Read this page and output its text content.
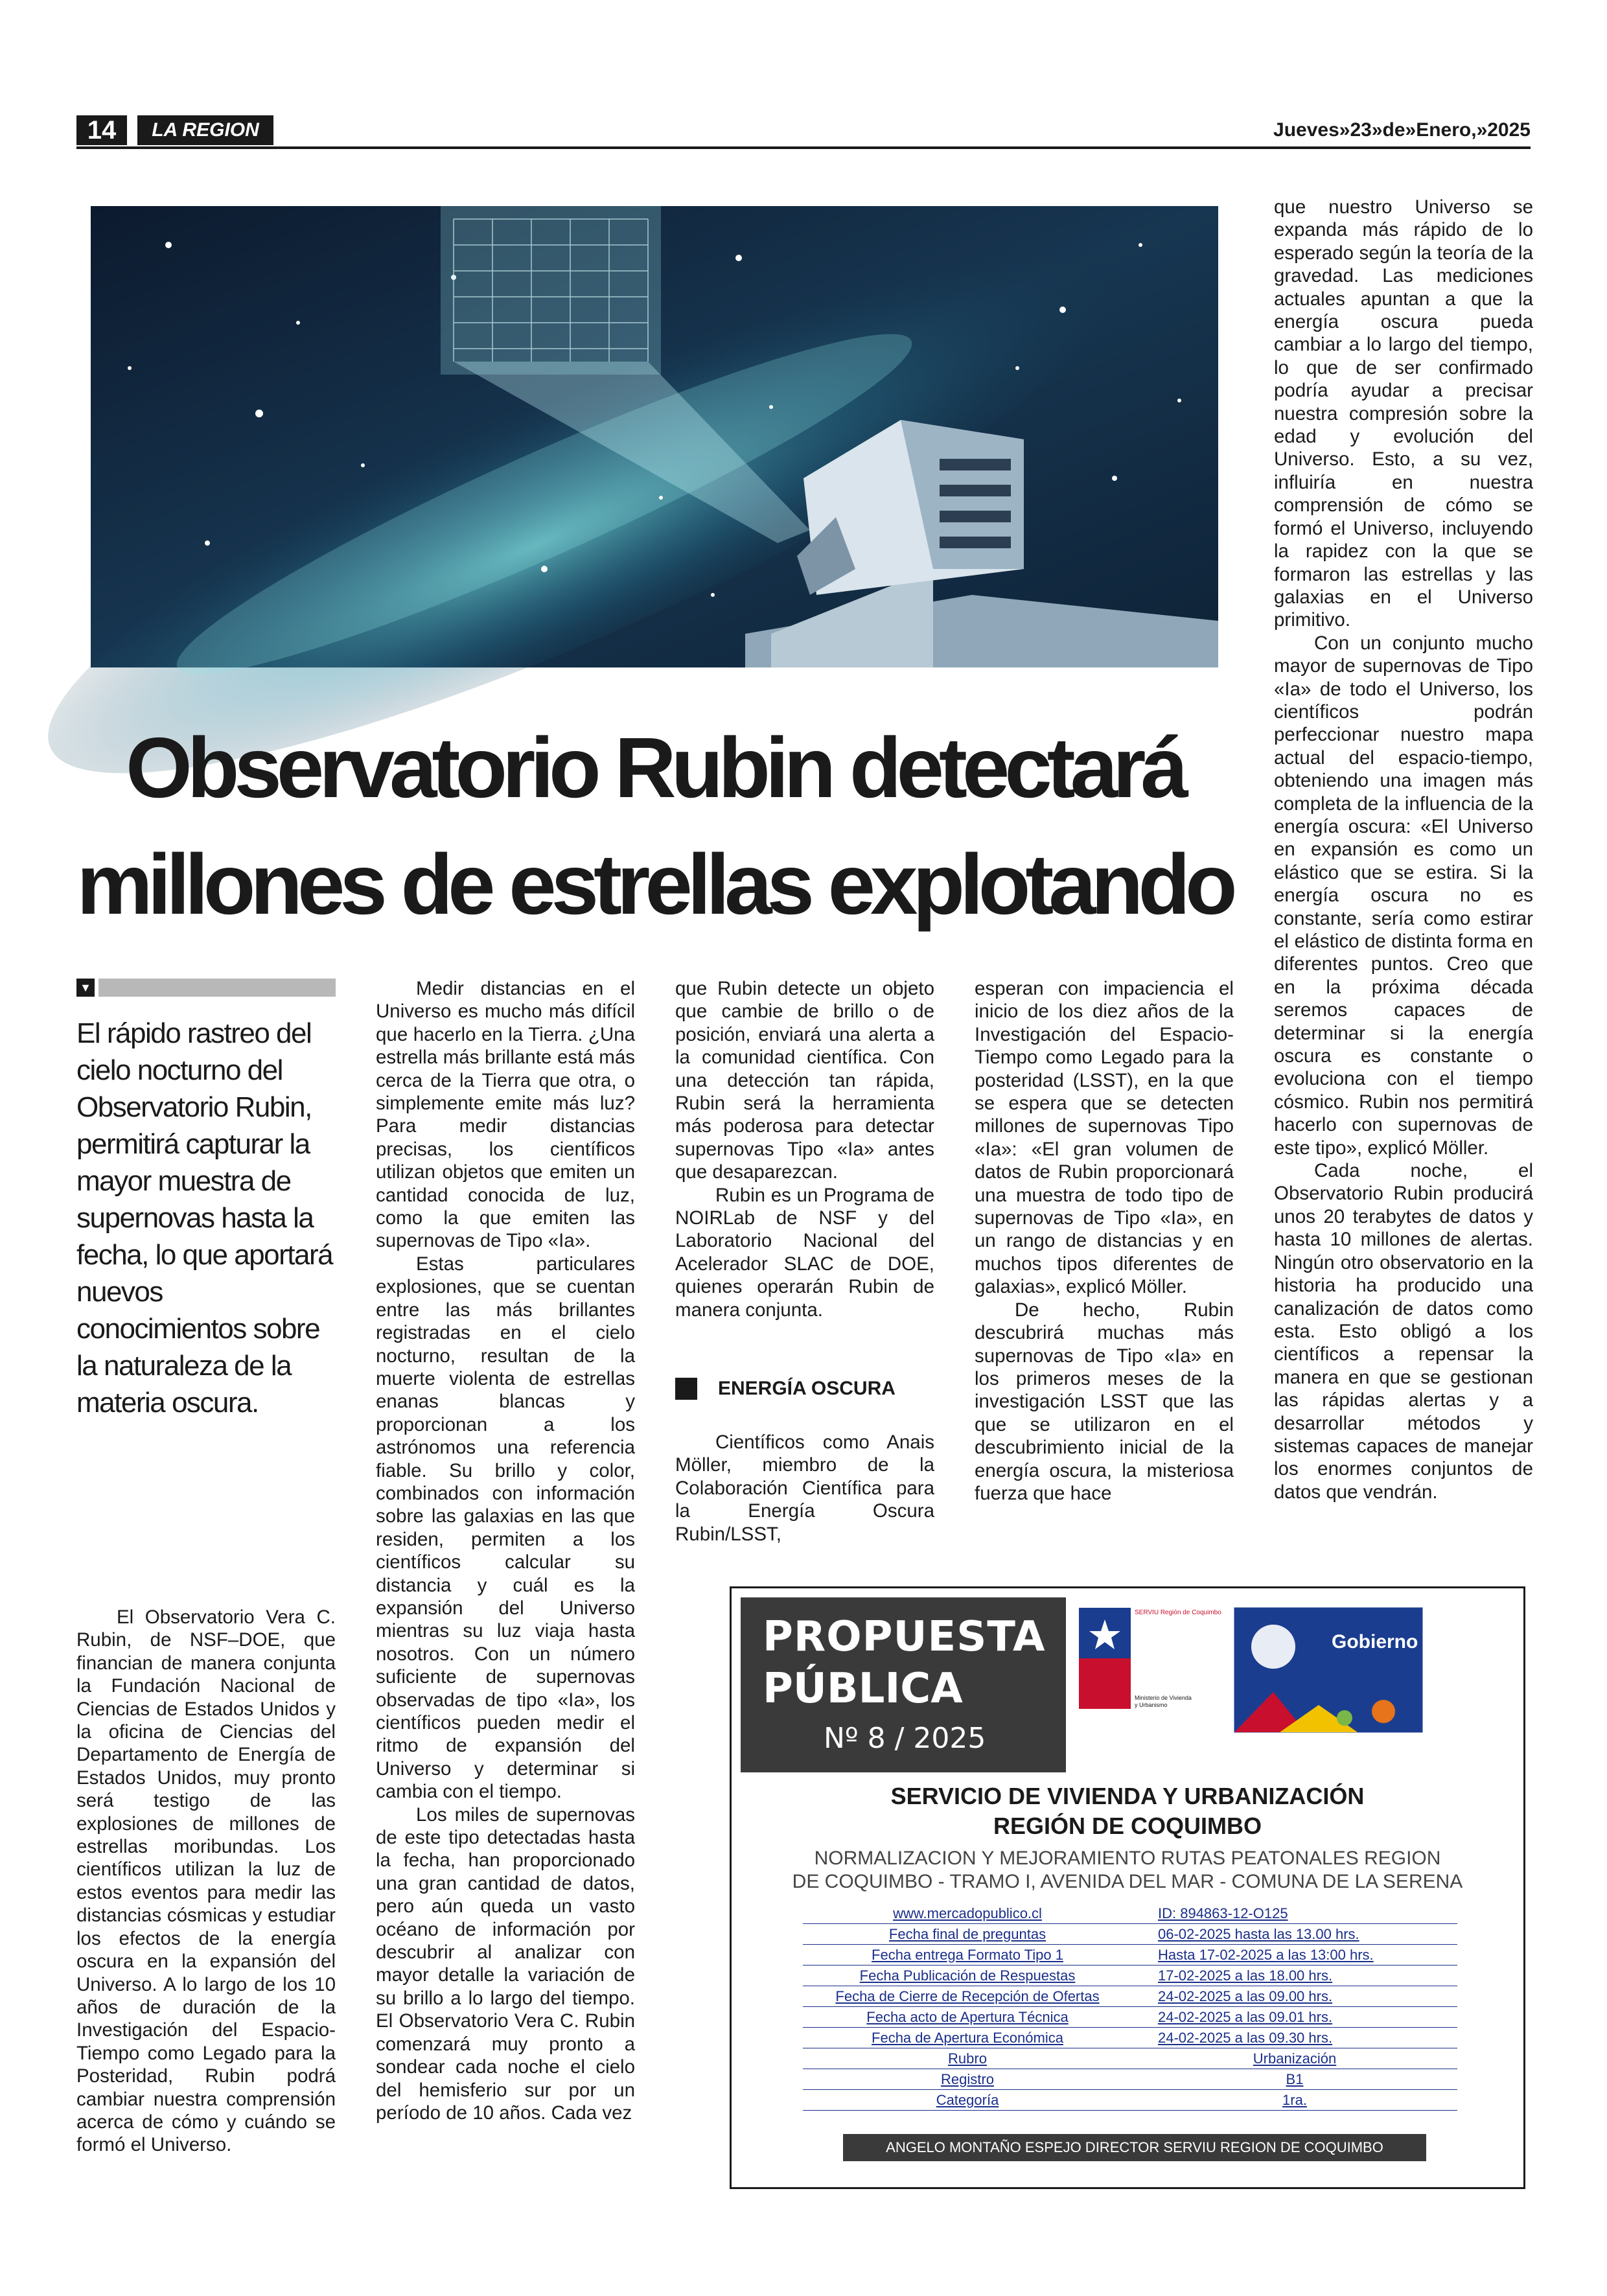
14	LA REGION	Jueves»23»de»Enero,»2025
Observatorio Rubin detectará
millones de estrellas explotando
▼
El rápido rastreo del cielo nocturno del Observatorio Rubin, permitirá capturar la mayor muestra de supernovas hasta la fecha, lo que aportará nuevos conocimientos sobre la naturaleza de la materia oscura.

El Observatorio Vera C. Rubin, de NSF–DOE, que financian de manera conjunta la Fundación Nacional de Ciencias de Estados Unidos y la oficina de Ciencias del Departamento de Energía de Estados Unidos, muy pronto será testigo de las explosiones de millones de estrellas moribundas. Los científicos utilizan la luz de estos eventos para medir las distancias cósmicas y estudiar los efectos de la energía oscura en la expansión del Universo. A lo largo de los 10 años de duración de la Investigación del Espacio-Tiempo como Legado para la Posteridad, Rubin podrá cambiar nuestra comprensión acerca de cómo y cuándo se formó el Universo.

Medir distancias en el Universo es mucho más difícil que hacerlo en la Tierra. ¿Una estrella más brillante está más cerca de la Tierra que otra, o simplemente emite más luz? Para medir distancias precisas, los científicos utilizan objetos que emiten un cantidad conocida de luz, como la que emiten las supernovas de Tipo «Ia».

Estas particulares explosiones, que se cuentan entre las más brillantes registradas en el cielo nocturno, resultan de la muerte violenta de estrellas enanas blancas y proporcionan a los astrónomos una referencia fiable. Su brillo y color, combinados con información sobre las galaxias en las que residen, permiten a los científicos calcular su distancia y cuál es la expansión del Universo mientras su luz viaja hasta nosotros. Con un número suficiente de supernovas observadas de tipo «Ia», los científicos pueden medir el ritmo de expansión del Universo y determinar si cambia con el tiempo.

Los miles de supernovas de este tipo detectadas hasta la fecha, han proporcionado una gran cantidad de datos, pero aún queda un vasto océano de información por descubrir al analizar con mayor detalle la variación de su brillo a lo largo del tiempo. El Observatorio Vera C. Rubin comenzará muy pronto a sondear cada noche el cielo del hemisferio sur por un período de 10 años. Cada vez

que Rubin detecte un objeto que cambie de brillo o de posición, enviará una alerta a la comunidad científica. Con una detección tan rápida, Rubin será la herramienta más poderosa para detectar supernovas Tipo «Ia» antes que desaparezcan.

Rubin es un Programa de NOIRLab de NSF y del Laboratorio Nacional del Acelerador SLAC de DOE, quienes operarán Rubin de manera conjunta.

ENERGÍA OSCURA

Científicos como Anais Möller, miembro de la Colaboración Científica para la Energía Oscura Rubin/LSST,

esperan con impaciencia el inicio de los diez años de la Investigación del Espacio-Tiempo como Legado para la posteridad (LSST), en la que se espera que se detecten millones de supernovas Tipo «Ia»: «El gran volumen de datos de Rubin proporcionará una muestra de todo tipo de supernovas de Tipo «Ia», en un rango de distancias y en muchos tipos diferentes de galaxias», explicó Möller.

De hecho, Rubin descubrirá muchas más supernovas de Tipo «Ia» en los primeros meses de la investigación LSST que las que se utilizaron en el descubrimiento inicial de la energía oscura, la misteriosa fuerza que hace

que nuestro Universo se expanda más rápido de lo esperado según la teoría de la gravedad. Las mediciones actuales apuntan a que la energía oscura pueda cambiar a lo largo del tiempo, lo que de ser confirmado podría ayudar a precisar nuestra compresión sobre la edad y evolución del Universo. Esto, a su vez, influiría en nuestra comprensión de cómo se formó el Universo, incluyendo la rapidez con la que se formaron las estrellas y las galaxias en el Universo primitivo.

Con un conjunto mucho mayor de supernovas de Tipo «Ia» de todo el Universo, los científicos podrán perfeccionar nuestro mapa actual del espacio-tiempo, obteniendo una imagen más completa de la influencia de la energía oscura: «El Universo en expansión es como un elástico que se estira. Si la energía oscura no es constante, sería como estirar el elástico de distinta forma en diferentes puntos. Creo que en la próxima década seremos capaces de determinar si la energía oscura es constante o evoluciona con el tiempo cósmico. Rubin nos permitirá hacerlo con supernovas de este tipo», explicó Möller.

Cada noche, el Observatorio Rubin producirá unos 20 terabytes de datos y hasta 10 millones de alertas. Ningún otro observatorio en la historia ha producido una canalización de datos como esta. Esto obligó a los científicos a repensar la manera en que se gestionan las rápidas alertas y a desarrollar métodos y sistemas capaces de manejar los enormes conjuntos de datos que vendrán.

PROPUESTA
PÚBLICA
Nº 8 / 2025
SERVIU Región de Coquimbo
Ministerio de Vivienda y Urbanismo
Gobierno de Chile
SERVICIO DE VIVIENDA Y URBANIZACIÓN
REGIÓN DE COQUIMBO
NORMALIZACION Y MEJORAMIENTO RUTAS PEATONALES REGION
DE COQUIMBO - TRAMO I, AVENIDA DEL MAR - COMUNA DE LA SERENA
www.mercadopublico.cl	ID: 894863-12-O125
Fecha final de preguntas	06-02-2025 hasta las 13.00 hrs.
Fecha entrega Formato Tipo 1	Hasta 17-02-2025 a las 13:00 hrs.
Fecha Publicación de Respuestas	17-02-2025 a las 18.00 hrs.
Fecha de Cierre de Recepción de Ofertas	24-02-2025 a las 09.00 hrs.
Fecha acto de Apertura Técnica	24-02-2025 a las 09.01 hrs.
Fecha de Apertura Económica	24-02-2025 a las 09.30 hrs.
Rubro	Urbanización
Registro	B1
Categoría	1ra.
ANGELO MONTAÑO ESPEJO DIRECTOR SERVIU REGION DE COQUIMBO
